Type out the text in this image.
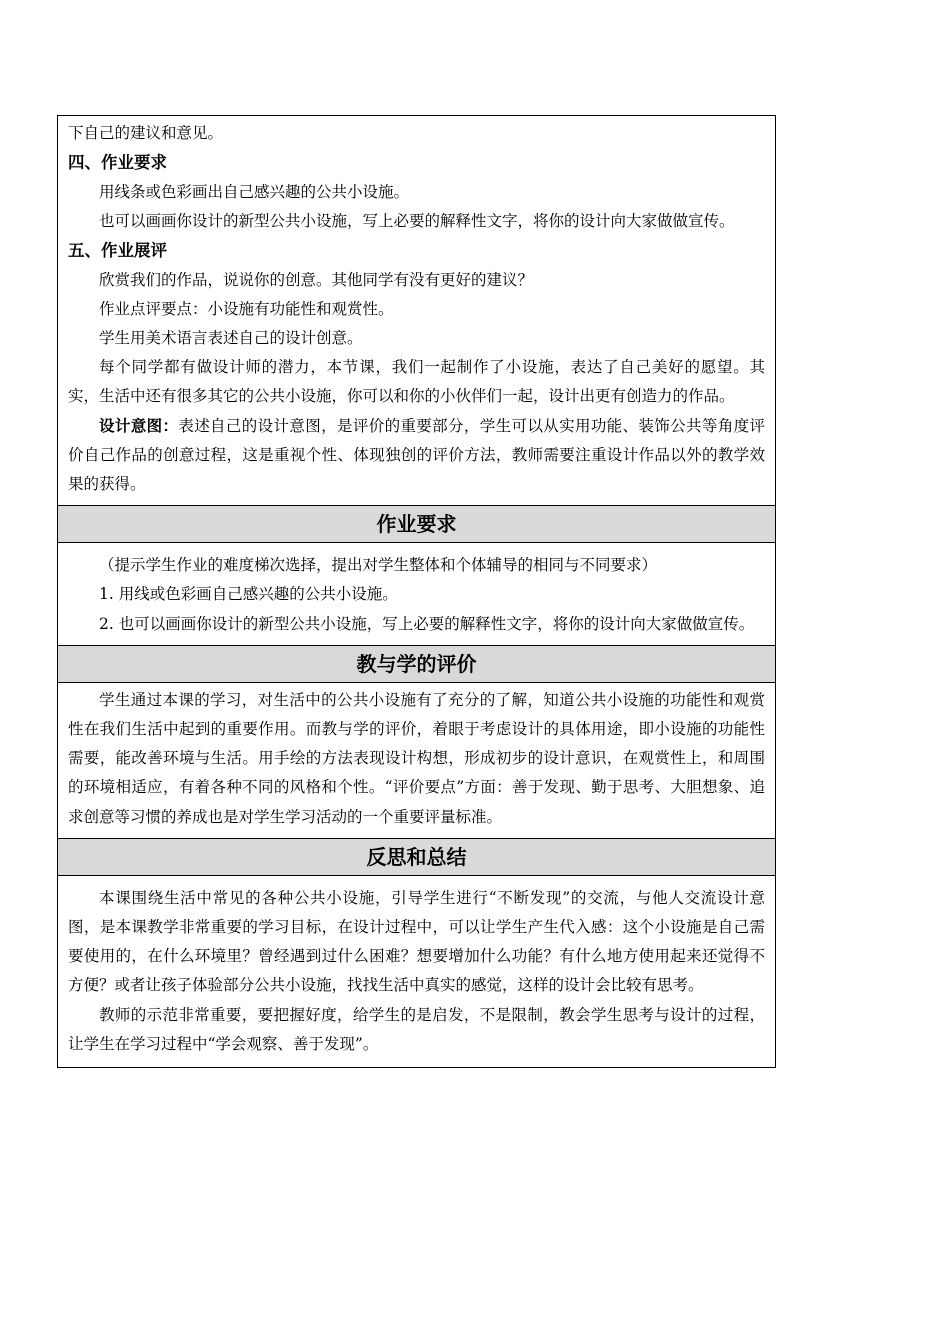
下自己的建议和意见。

四、作业要求

用线条或色彩画出自己感兴趣的公共小设施。

也可以画画你设计的新型公共小设施，写上必要的解释性文字，将你的设计向大家做做宣传。

五、作业展评

欣赏我们的作品，说说你的创意。其他同学有没有更好的建议？

作业点评要点：小设施有功能性和观赏性。

学生用美术语言表述自己的设计创意。

每个同学都有做设计师的潜力，本节课，我们一起制作了小设施，表达了自己美好的愿望。其实，生活中还有很多其它的公共小设施，你可以和你的小伙伴们一起，设计出更有创造力的作品。

设计意图：表述自己的设计意图，是评价的重要部分，学生可以从实用功能、装饰公共等角度评价自己作品的创意过程，这是重视个性、体现独创的评价方法，教师需要注重设计作品以外的教学效果的获得。

作业要求

（提示学生作业的难度梯次选择，提出对学生整体和个体辅导的相同与不同要求）

1. 用线或色彩画自己感兴趣的公共小设施。

2. 也可以画画你设计的新型公共小设施，写上必要的解释性文字，将你的设计向大家做做宣传。

教与学的评价

学生通过本课的学习，对生活中的公共小设施有了充分的了解，知道公共小设施的功能性和观赏性在我们生活中起到的重要作用。而教与学的评价，着眼于考虑设计的具体用途，即小设施的功能性需要，能改善环境与生活。用手绘的方法表现设计构想，形成初步的设计意识，在观赏性上，和周围的环境相适应，有着各种不同的风格和个性。“评价要点”方面：善于发现、勤于思考、大胆想象、追求创意等习惯的养成也是对学生学习活动的一个重要评量标准。

反思和总结

本课围绕生活中常见的各种公共小设施，引导学生进行“不断发现”的交流，与他人交流设计意图，是本课教学非常重要的学习目标，在设计过程中，可以让学生产生代入感：这个小设施是自己需要使用的，在什么环境里？曾经遇到过什么困难？想要增加什么功能？有什么地方使用起来还觉得不方便？或者让孩子体验部分公共小设施，找找生活中真实的感觉，这样的设计会比较有思考。

教师的示范非常重要，要把握好度，给学生的是启发，不是限制，教会学生思考与设计的过程，让学生在学习过程中“学会观察、善于发现”。
